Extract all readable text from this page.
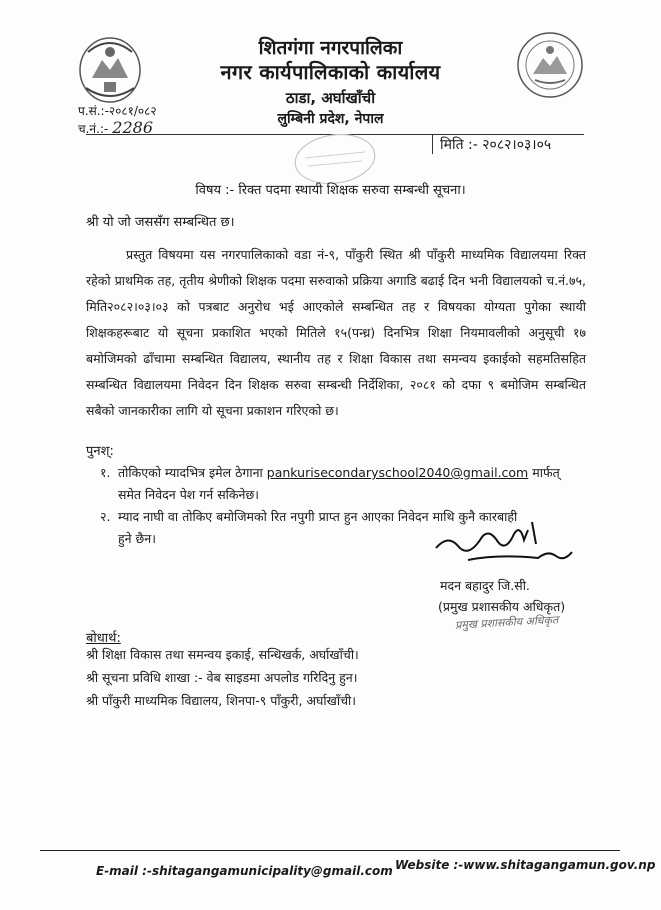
शितगंगा नगरपालिका
नगर कार्यपालिकाको कार्यालय
ठाडा, अर्घाखाँची
लुम्बिनी प्रदेश, नेपाल
प.सं.:-२०८१/०८२
च.नं.:- 2286
मिति :- २०८२।०३।०५
विषय :- रिक्त पदमा स्थायी शिक्षक सरुवा सम्बन्धी सूचना।
श्री यो जो जससँग सम्बन्धित छ।

प्रस्तुत विषयमा यस नगरपालिकाको वडा नं-९, पाँकुरी स्थित श्री पाँकुरी माध्यमिक विद्यालयमा रिक्त रहेको प्राथमिक तह, तृतीय श्रेणीको शिक्षक पदमा सरुवाको प्रक्रिया अगाडि बढाई दिन भनी विद्यालयको च.नं.७५, मिति२०८२।०३।०३ को पत्रबाट अनुरोध भई आएकोले सम्बन्धित तह र विषयका योग्यता पुगेका स्थायी शिक्षकहरूबाट यो सूचना प्रकाशित भएको मितिले १५(पन्ध्र) दिनभित्र शिक्षा नियमावलीको अनुसूची १७ बमोजिमको ढाँचामा सम्बन्धित विद्यालय, स्थानीय तह र शिक्षा विकास तथा समन्वय इकाईको सहमतिसहित सम्बन्धित विद्यालयमा निवेदन दिन शिक्षक सरुवा सम्बन्धी निर्देशिका, २०८१ को दफा ९ बमोजिम सम्बन्धित सबैको जानकारीका लागि यो सूचना प्रकाशन गरिएको छ।

पुनश्:
१. तोकिएको म्यादभित्र इमेल ठेगाना pankurisecondaryschool2040@gmail.com मार्फत्
समेत निवेदन पेश गर्न सकिनेछ।
२. म्याद नाघी वा तोकिए बमोजिमको रित नपुगी प्राप्त हुन आएका निवेदन माथि कुनै कारबाही
हुने छैन।
मदन बहादुर जि.सी.
(प्रमुख प्रशासकीय अधिकृत)
प्रमुख प्रशासकीय अधिकृत
बोधार्थ:
श्री शिक्षा विकास तथा समन्वय इकाई, सन्धिखर्क, अर्घाखाँची।
श्री सूचना प्रविधि शाखा :- वेब साइडमा अपलोड गरिदिनु हुन।
श्री पाँकुरी माध्यमिक विद्यालय, शिनपा-९ पाँकुरी, अर्घाखाँची।
E-mail :-shitagangamunicipality@gmail.com Website :-www.shitagangamun.gov.np
